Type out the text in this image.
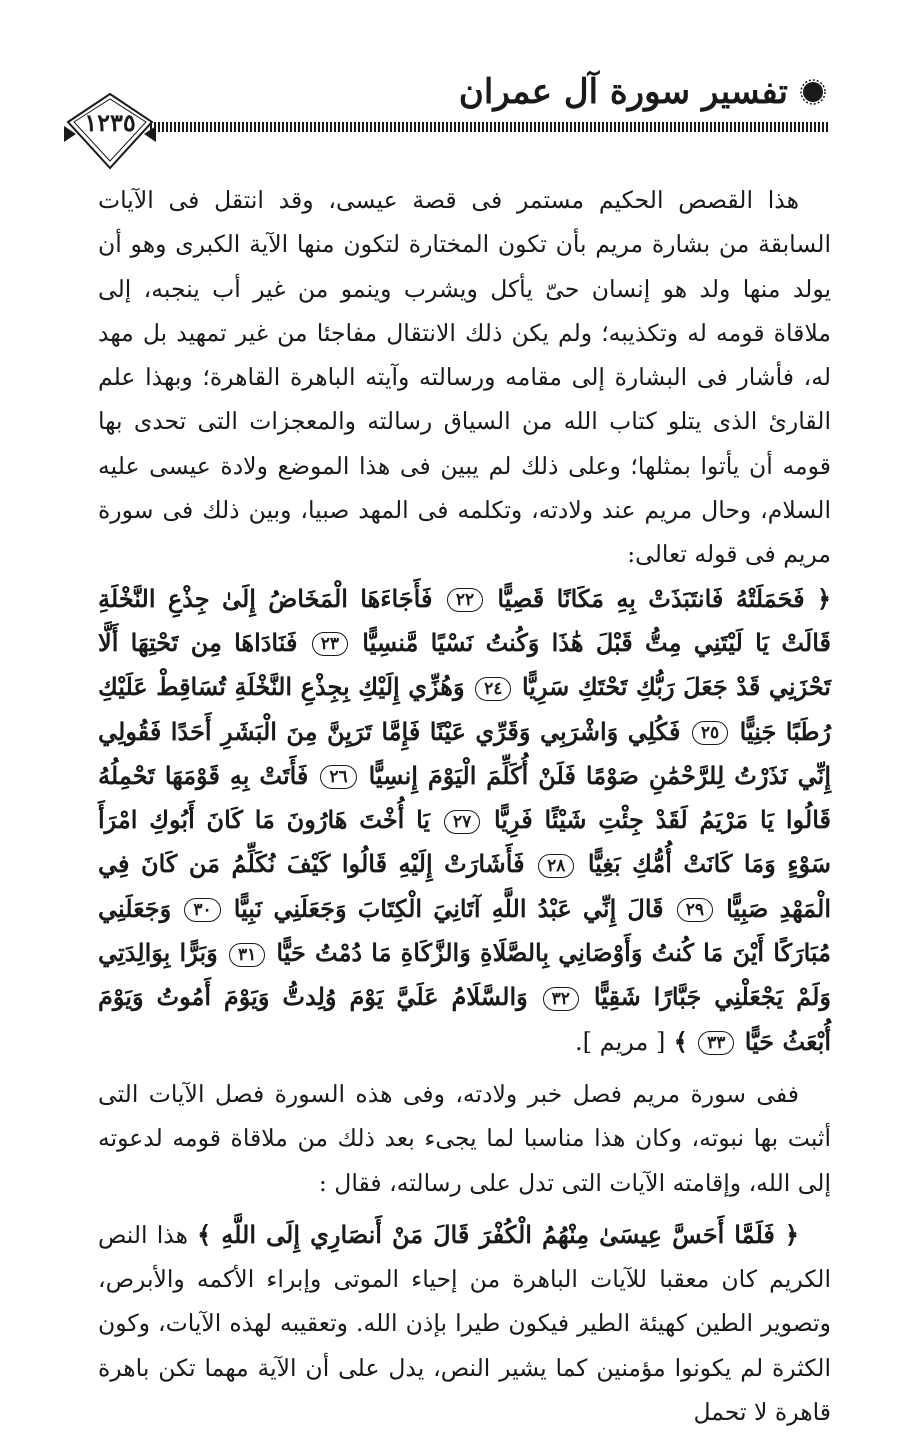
تفسير سورة آل عمران
١٢٣٥

هذا القصص الحكيم مستمر فى قصة عيسى، وقد انتقل فى الآيات السابقة من بشارة مريم بأن تكون المختارة لتكون منها الآية الكبرى وهو أن يولد منها ولد هو إنسان حىّ يأكل ويشرب وينمو من غير أب ينجبه، إلى ملاقاة قومه له وتكذيبه؛ ولم يكن ذلك الانتقال مفاجئا من غير تمهيد بل مهد له، فأشار فى البشارة إلى مقامه ورسالته وآيته الباهرة القاهرة؛ وبهذا علم القارئ الذى يتلو كتاب الله من السياق رسالته والمعجزات التى تحدى بها قومه أن يأتوا بمثلها؛ وعلى ذلك لم يبين فى هذا الموضع ولادة عيسى عليه السلام، وحال مريم عند ولادته، وتكلمه فى المهد صبيا، وبين ذلك فى سورة مريم فى قوله تعالى:

﴿ فَحَمَلَتْهُ فَانتَبَذَتْ بِهِ مَكَانًا قَصِيًّا ٢٢ فَأَجَاءَهَا الْمَخَاضُ إِلَىٰ جِذْعِ النَّخْلَةِ قَالَتْ يَا لَيْتَنِي مِتُّ قَبْلَ هَٰذَا وَكُنتُ نَسْيًا مَّنسِيًّا ٢٣ فَنَادَاهَا مِن تَحْتِهَا أَلَّا تَحْزَنِي قَدْ جَعَلَ رَبُّكِ تَحْتَكِ سَرِيًّا ٢٤ وَهُزِّي إِلَيْكِ بِجِذْعِ النَّخْلَةِ تُسَاقِطْ عَلَيْكِ رُطَبًا جَنِيًّا ٢٥ فَكُلِي وَاشْرَبِي وَقَرِّي عَيْنًا فَإِمَّا تَرَيِنَّ مِنَ الْبَشَرِ أَحَدًا فَقُولِي إِنِّي نَذَرْتُ لِلرَّحْمَٰنِ صَوْمًا فَلَنْ أُكَلِّمَ الْيَوْمَ إِنسِيًّا ٢٦ فَأَتَتْ بِهِ قَوْمَهَا تَحْمِلُهُ قَالُوا يَا مَرْيَمُ لَقَدْ جِئْتِ شَيْئًا فَرِيًّا ٢٧ يَا أُخْتَ هَارُونَ مَا كَانَ أَبُوكِ امْرَأَ سَوْءٍ وَمَا كَانَتْ أُمُّكِ بَغِيًّا ٢٨ فَأَشَارَتْ إِلَيْهِ قَالُوا كَيْفَ نُكَلِّمُ مَن كَانَ فِي الْمَهْدِ صَبِيًّا ٢٩ قَالَ إِنِّي عَبْدُ اللَّهِ آتَانِيَ الْكِتَابَ وَجَعَلَنِي نَبِيًّا ٣٠ وَجَعَلَنِي مُبَارَكًا أَيْنَ مَا كُنتُ وَأَوْصَانِي بِالصَّلَاةِ وَالزَّكَاةِ مَا دُمْتُ حَيًّا ٣١ وَبَرًّا بِوَالِدَتِي وَلَمْ يَجْعَلْنِي جَبَّارًا شَقِيًّا ٣٢ وَالسَّلَامُ عَلَيَّ يَوْمَ وُلِدتُّ وَيَوْمَ أَمُوتُ وَيَوْمَ أُبْعَثُ حَيًّا ٣٣ ﴾ [ مريم ].

ففى سورة مريم فصل خبر ولادته، وفى هذه السورة فصل الآيات التى أثبت بها نبوته، وكان هذا مناسبا لما يجىء بعد ذلك من ملاقاة قومه لدعوته إلى الله، وإقامته الآيات التى تدل على رسالته، فقال :

﴿ فَلَمَّا أَحَسَّ عِيسَىٰ مِنْهُمُ الْكُفْرَ قَالَ مَنْ أَنصَارِي إِلَى اللَّهِ ﴾ هذا النص الكريم كان معقبا للآيات الباهرة من إحياء الموتى وإبراء الأكمه والأبرص، وتصوير الطين كهيئة الطير فيكون طيرا بإذن الله. وتعقيبه لهذه الآيات، وكون الكثرة لم يكونوا مؤمنين كما يشير النص، يدل على أن الآية مهما تكن باهرة قاهرة لا تحمل
